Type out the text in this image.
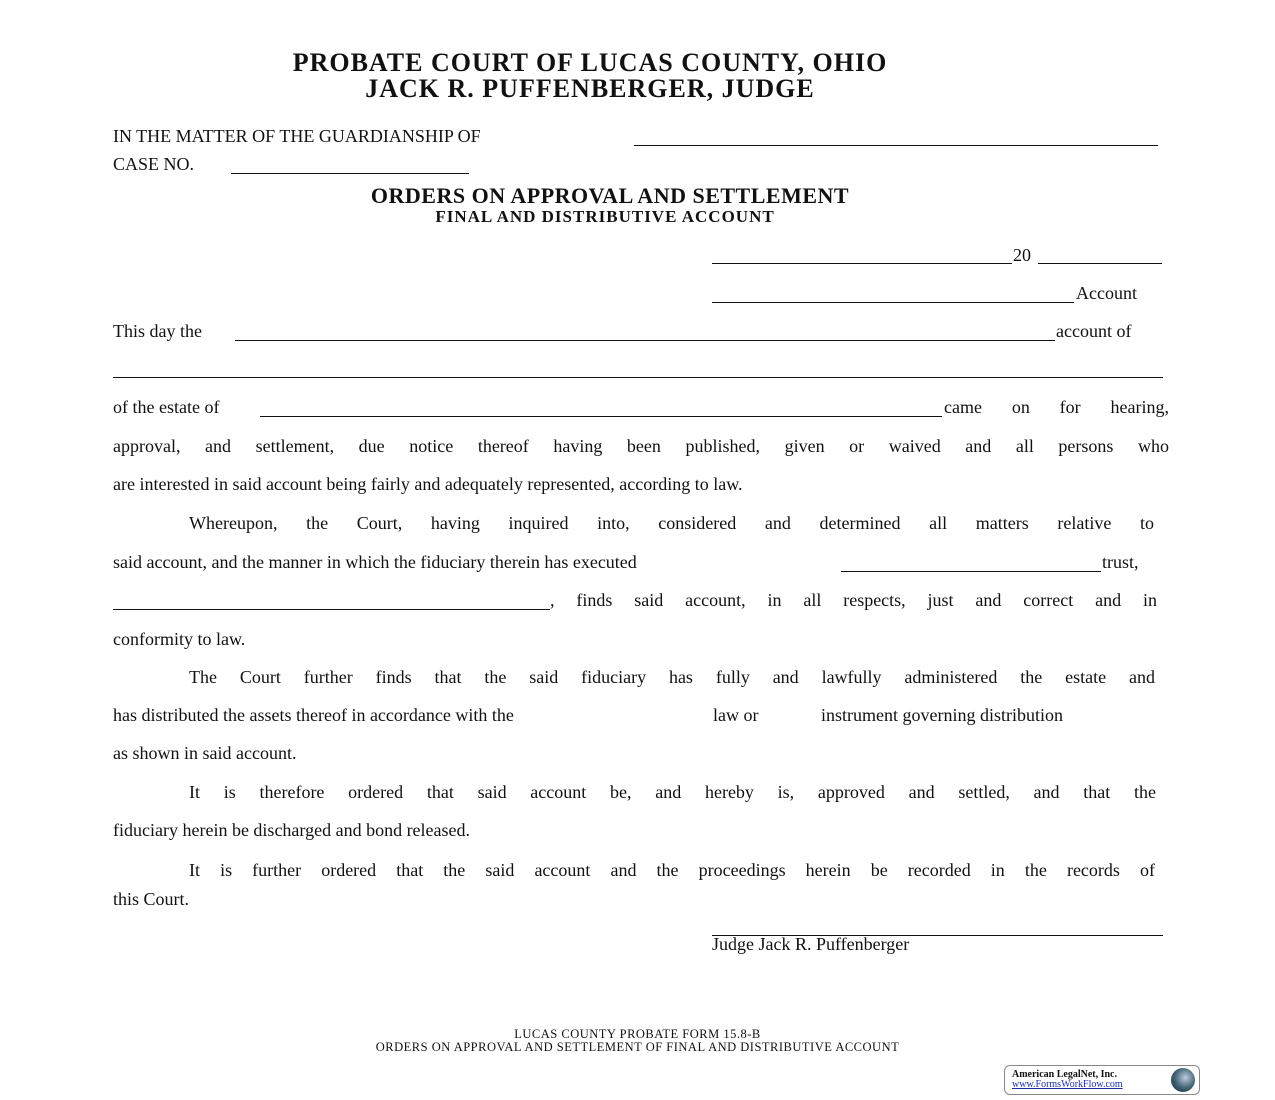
PROBATE COURT OF LUCAS COUNTY, OHIO
JACK R. PUFFENBERGER, JUDGE
IN THE MATTER OF THE GUARDIANSHIP OF
CASE NO.
ORDERS ON APPROVAL AND SETTLEMENT
FINAL AND DISTRIBUTIVE ACCOUNT
20
Account
This day the	account of
of the estate of	came on for hearing,
approval, and settlement, due notice thereof having been published, given or waived and all persons who
are interested in said account being fairly and adequately represented, according to law.
Whereupon, the Court, having inquired into, considered and determined all matters relative to
said account, and the manner in which the fiduciary therein has executed	trust,
, finds said account, in all respects, just and correct and in
conformity to law.
The Court further finds that the said fiduciary has fully and lawfully administered the estate and
has distributed the assets thereof in accordance with the	law or	instrument governing distribution
as shown in said account.
It is therefore ordered that said account be, and hereby is, approved and settled, and that the
fiduciary herein be discharged and bond released.
It is further ordered that the said account and the proceedings herein be recorded in the records of
this Court.
Judge Jack R. Puffenberger
LUCAS COUNTY PROBATE FORM 15.8-B
ORDERS ON APPROVAL AND SETTLEMENT OF FINAL AND DISTRIBUTIVE ACCOUNT
American LegalNet, Inc.
www.FormsWorkFlow.com
